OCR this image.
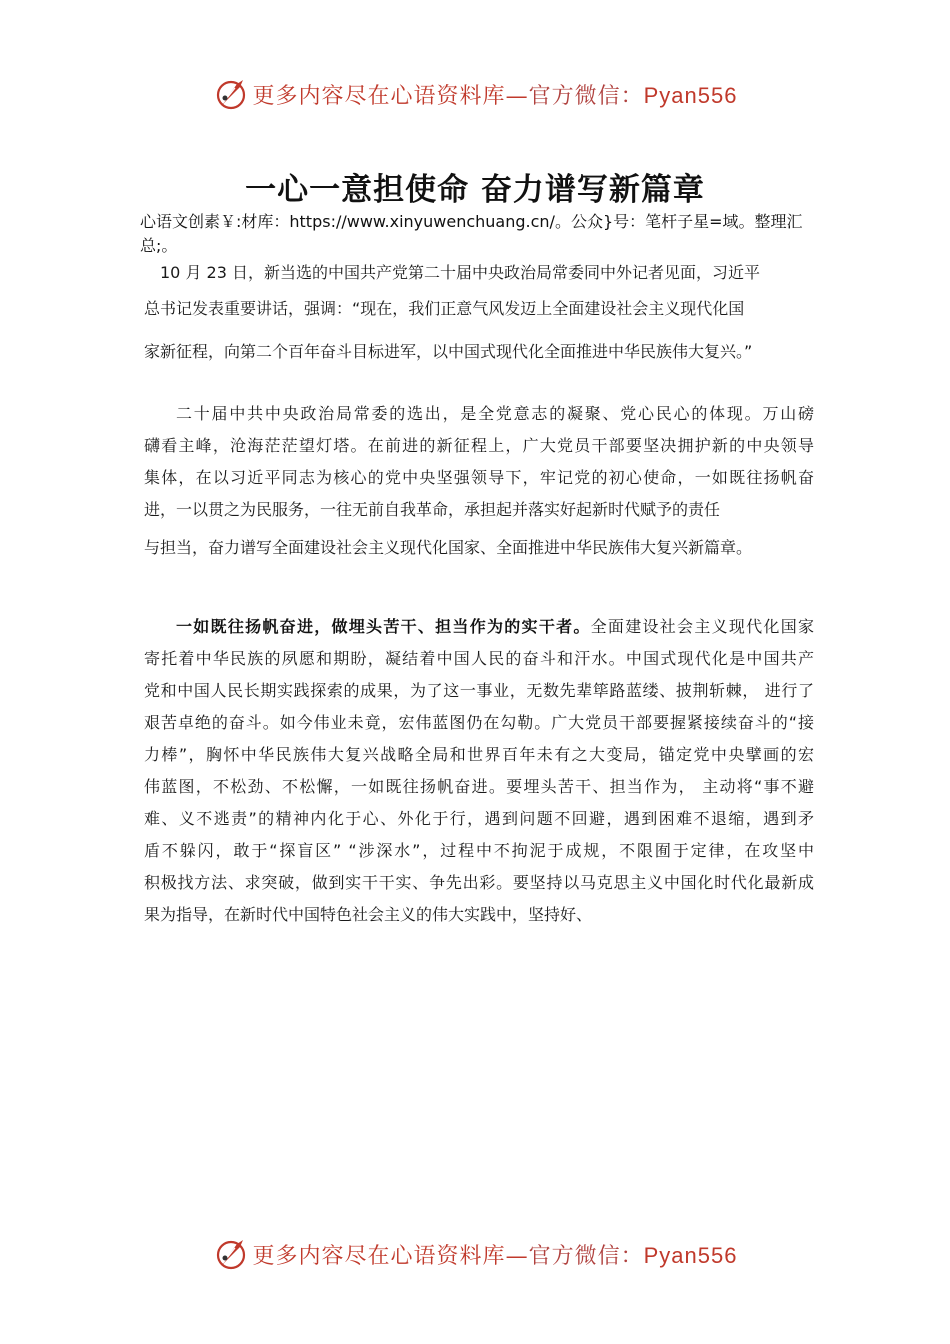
更多内容尽在心语资料库—官方微信：Pyan556
一心一意担使命 奋力谱写新篇章
心语文创素￥:材库：https://www.xinyuwenchuang.cn/。公众}号：笔杆子星=域。整理汇总;。
10 月 23 日，新当选的中国共产党第二十届中央政治局常委同中外记者见面，习近平
总书记发表重要讲话，强调：“现在，我们正意气风发迈上全面建设社会主义现代化国
家新征程，向第二个百年奋斗目标进军，以中国式现代化全面推进中华民族伟大复兴。”
二十届中共中央政治局常委的选出，是全党意志的凝聚、党心民心的体现。万山磅
礴看主峰，沧海茫茫望灯塔。在前进的新征程上，广大党员干部要坚决拥护新的中央领导
集体，在以习近平同志为核心的党中央坚强领导下，牢记党的初心使命，一如既往扬帆奋
进，一以贯之为民服务，一往无前自我革命，承担起并落实好起新时代赋予的责任
与担当，奋力谱写全面建设社会主义现代化国家、全面推进中华民族伟大复兴新篇章。
一如既往扬帆奋进，做埋头苦干、担当作为的实干者。全面建设社会主义现代化国家
寄托着中华民族的夙愿和期盼，凝结着中国人民的奋斗和汗水。中国式现代化是中国共产
党和中国人民长期实践探索的成果，为了这一事业，无数先辈筚路蓝缕、披荆斩棘， 进行了
艰苦卓绝的奋斗。如今伟业未竟，宏伟蓝图仍在勾勒。广大党员干部要握紧接续奋斗的“接
力棒”，胸怀中华民族伟大复兴战略全局和世界百年未有之大变局，锚定党中央擘画的宏
伟蓝图，不松劲、不松懈，一如既往扬帆奋进。要埋头苦干、担当作为， 主动将“事不避
难、义不逃责”的精神内化于心、外化于行，遇到问题不回避，遇到困难不退缩，遇到矛
盾不躲闪，敢于“探盲区” “涉深水”，过程中不拘泥于成规，不限囿于定律，在攻坚中
积极找方法、求突破，做到实干干实、争先出彩。要坚持以马克思主义中国化时代化最新成
果为指导，在新时代中国特色社会主义的伟大实践中，坚持好、
更多内容尽在心语资料库—官方微信：Pyan556
